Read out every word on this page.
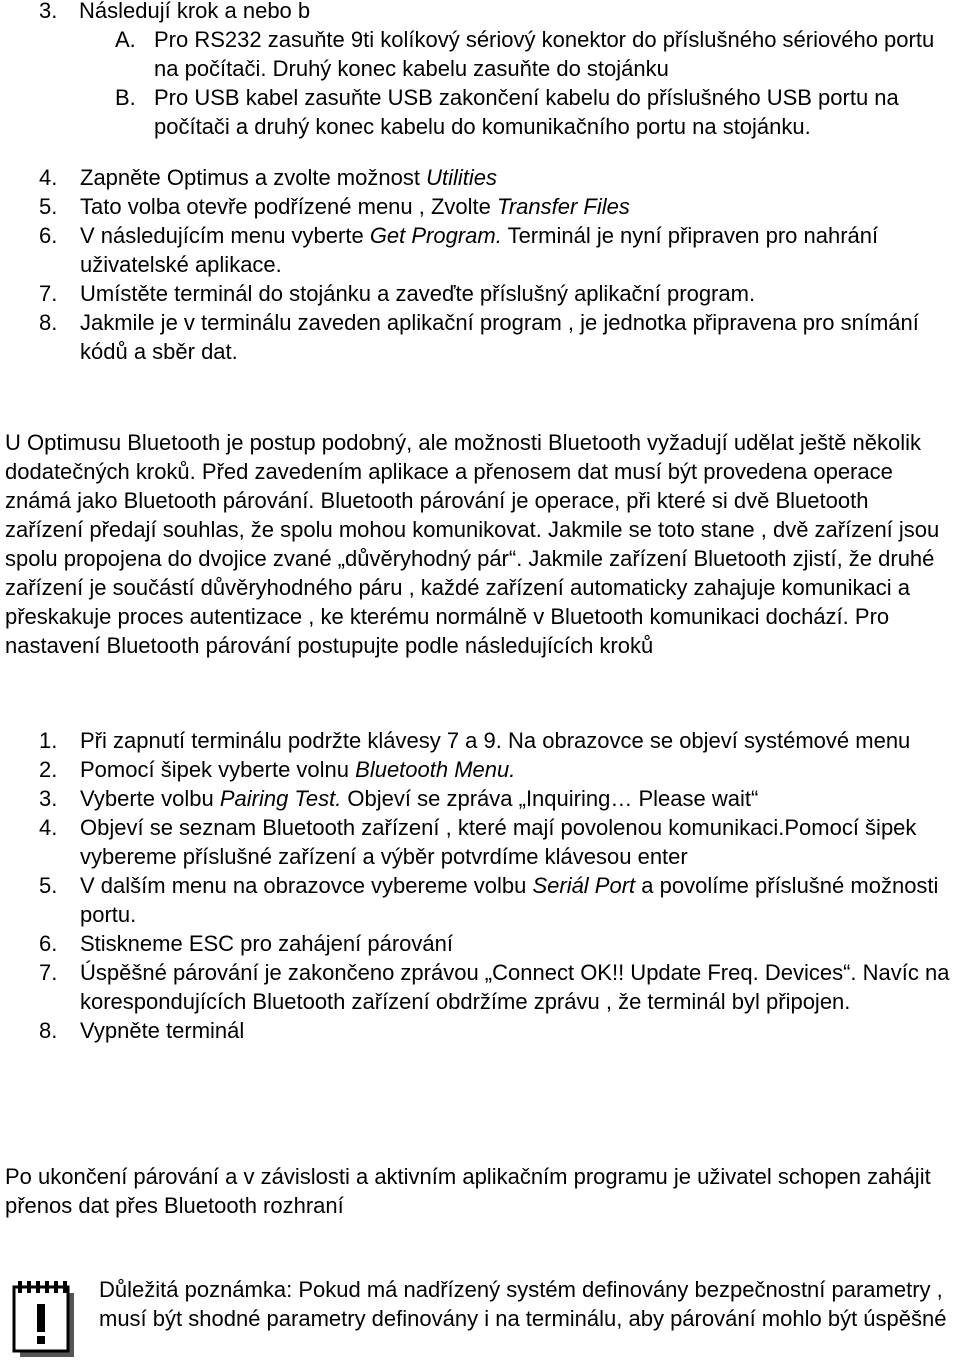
3. Následují krok a nebo b
A. Pro RS232 zasuňte 9ti kolíkový sériový konektor do příslušného sériového portu na počítači. Druhý konec kabelu zasuňte do stojánku
B. Pro USB kabel zasuňte USB zakončení kabelu do příslušného USB portu na počítači a druhý konec kabelu do komunikačního portu na stojánku.
4. Zapněte Optimus a zvolte možnost Utilities
5. Tato volba otevře podřízené menu , Zvolte Transfer Files
6. V následujícím menu vyberte Get Program. Terminál je nyní připraven pro nahrání uživatelské aplikace.
7. Umístěte terminál do stojánku a zaveďte příslušný aplikační program.
8. Jakmile je v terminálu zaveden aplikační program , je jednotka připravena pro snímání kódů a sběr dat.

U Optimusu Bluetooth je postup podobný, ale možnosti Bluetooth vyžadují udělat ještě několik dodatečných kroků. Před zavedením aplikace a přenosem dat musí být provedena operace známá jako Bluetooth párování. Bluetooth párování je operace, při které si dvě Bluetooth zařízení předají souhlas, že spolu mohou komunikovat. Jakmile se toto stane , dvě zařízení jsou spolu propojena do dvojice zvané „důvěryhodný pár“. Jakmile zařízení Bluetooth zjistí, že druhé zařízení je součástí důvěryhodného páru , každé zařízení automaticky zahajuje komunikaci a přeskakuje proces autentizace , ke kterému normálně v Bluetooth komunikaci dochází. Pro nastavení Bluetooth párování postupujte podle následujících kroků

1. Při zapnutí terminálu podržte klávesy 7 a 9. Na obrazovce se objeví systémové menu
2. Pomocí šipek vyberte volnu Bluetooth Menu.
3. Vyberte volbu Pairing Test. Objeví se zpráva „Inquiring… Please wait“
4. Objeví se seznam Bluetooth zařízení , které mají povolenou komunikaci.Pomocí šipek vybereme příslušné zařízení a výběr potvrdíme klávesou enter
5. V dalším menu na obrazovce vybereme volbu Seriál Port a povolíme příslušné možnosti portu.
6. Stiskneme ESC pro zahájení párování
7. Úspěšné párování je zakončeno zprávou „Connect OK!! Update Freq. Devices“. Navíc na korespondujících Bluetooth zařízení obdržíme zprávu , že terminál byl připojen.
8. Vypněte terminál

Po ukončení párování a v závislosti a aktivním aplikačním programu je uživatel schopen zahájit přenos dat přes Bluetooth rozhraní

Důležitá poznámka: Pokud má nadřízený systém definovány bezpečnostní parametry , musí být shodné parametry definovány i na terminálu, aby párování mohlo být úspěšné
